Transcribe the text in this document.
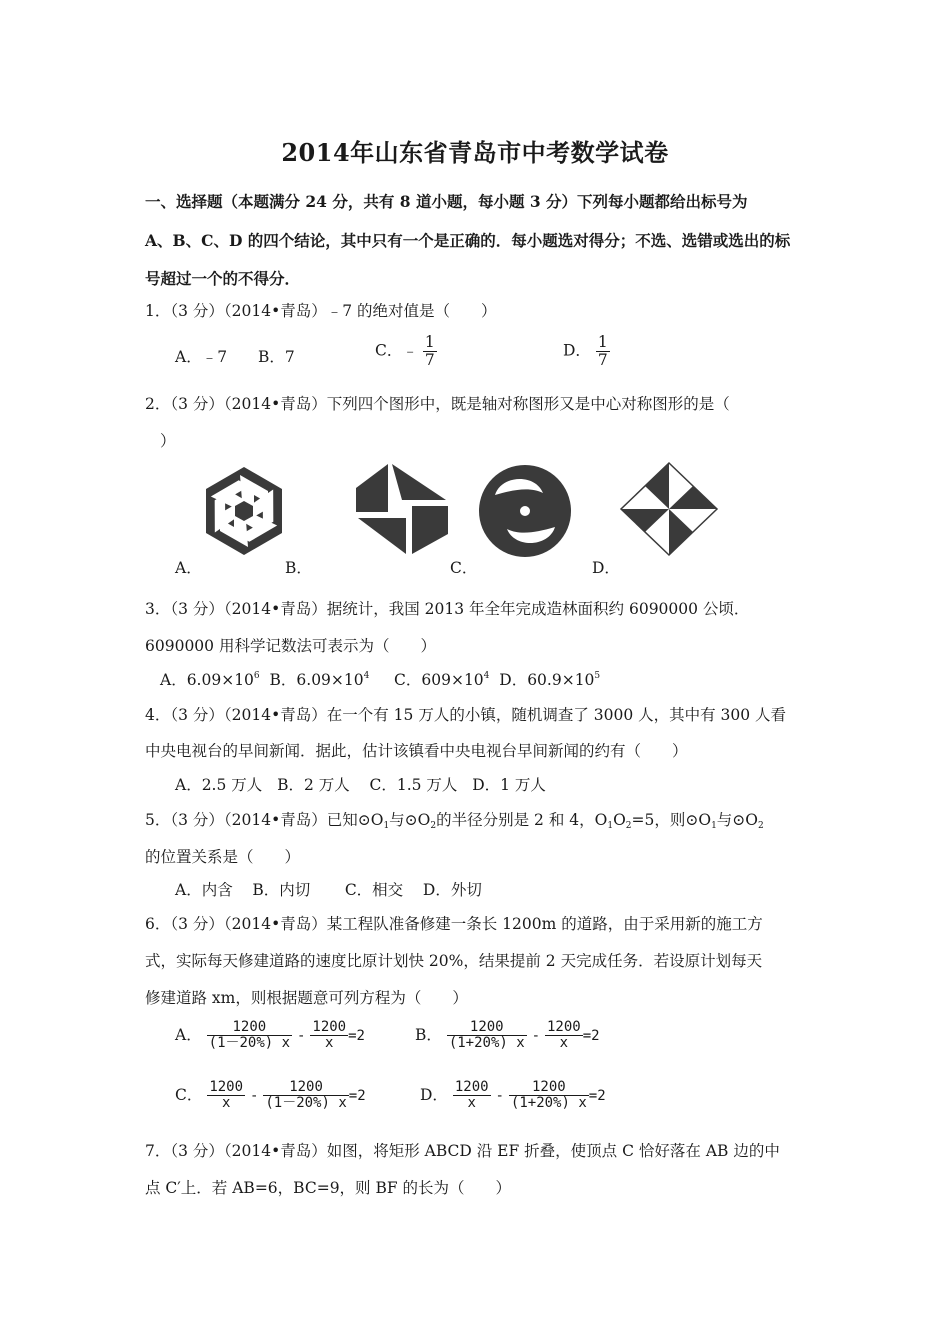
2014年山东省青岛市中考数学试卷
一、选择题（本题满分 24 分，共有 8 道小题，每小题 3 分）下列每小题都给出标号为
A、B、C、D 的四个结论，其中只有一个是正确的．每小题选对得分；不选、选错或选出的标
号超过一个的不得分．
1．（3 分）（2014•青岛）﹣7 的绝对值是（　　）
A．﹣7 B．7	C．﹣ $\frac{1}{7}$	D． $\frac{1}{7}$
2．（3 分）（2014•青岛）下列四个图形中，既是轴对称图形又是中心对称图形的是（
）
A．	B．	C．	D．
3．（3 分）（2014•青岛）据统计，我国 2013 年全年完成造林面积约 6090000 公顷．
6090000 用科学记数法可表示为（　　）
A．$6.09\times 10^6$ B．$6.09\times 10^4$ C．$609\times 10^4$ D．$60.9\times 10^5$
4．（3 分）（2014•青岛）在一个有 15 万人的小镇，随机调查了 3000 人，其中有 300 人看
中央电视台的早间新闻．据此，估计该镇看中央电视台早间新闻的约有（　　）
A．2.5 万人 B．2 万人 C．1.5 万人 D．1 万人
5．（3 分）（2014•青岛）已知$⊙O_1$与$⊙O_2$的半径分别是 2 和 4，$O_1O_2=5$，则$⊙O_1$与$⊙O_2$
的位置关系是（　　）
A．内含 B．内切 C．相交 D．外切
6．（3 分）（2014•青岛）某工程队准备修建一条长 1200m 的道路，由于采用新的施工方
式，实际每天修建道路的速度比原计划快 20%，结果提前 2 天完成任务．若设原计划每天
修建道路 xm，则根据题意可列方程为（　　）
A． $\frac{1200}{(1-20\%) x} - \frac{1200}{x} =2$	B． $\frac{1200}{(1+20\%) x} - \frac{1200}{x} =2$
C． $\frac{1200}{x} - \frac{1200}{(1-20\%) x} =2$	D． $\frac{1200}{x} - \frac{1200}{(1+20\%) x} =2$
7．（3 分）（2014•青岛）如图，将矩形 ABCD 沿 EF 折叠，使顶点 C 恰好落在 AB 边的中
点 C′上．若 AB=6，BC=9，则 BF 的长为（　　）
